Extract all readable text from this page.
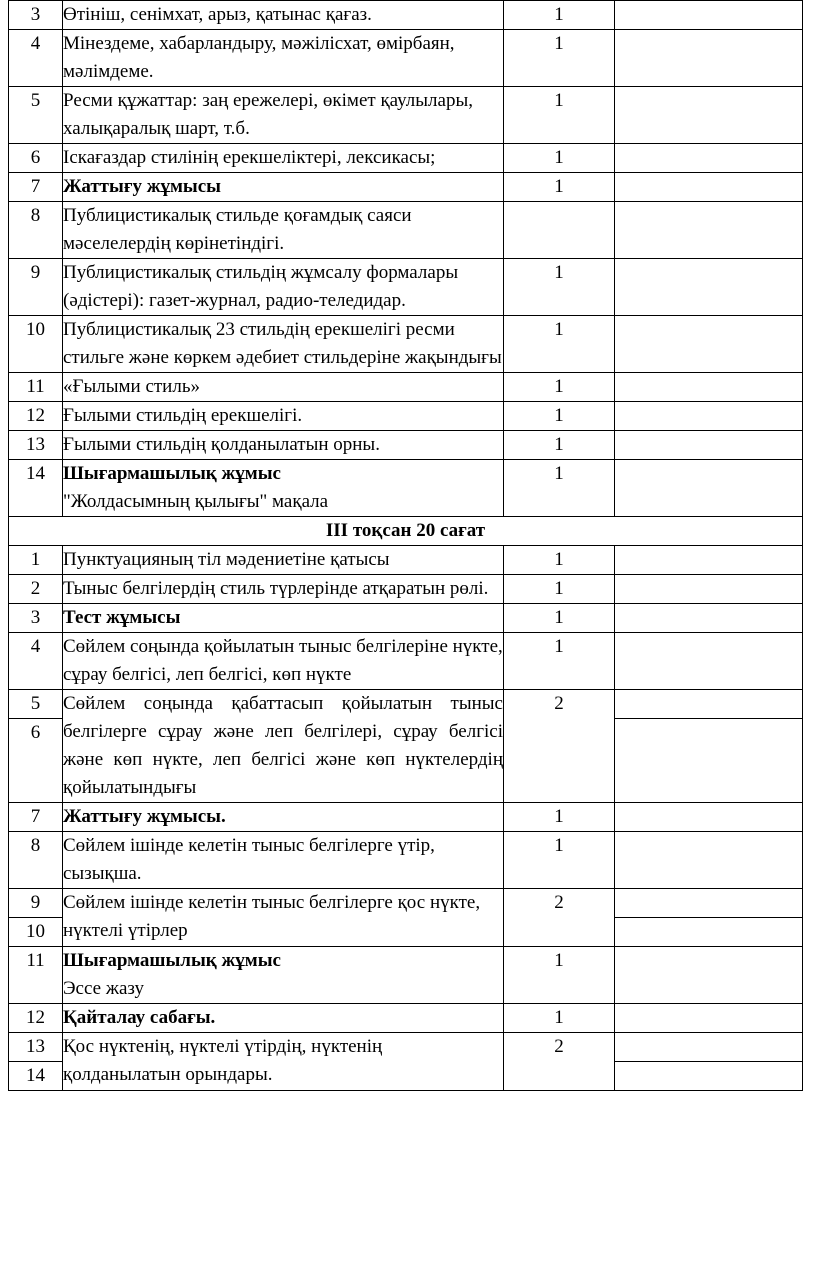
3	Өтініш, сенімхат, арыз, қатынас қағаз.	1	
4	Мінездеме, хабарландыру, мәжілісхат, өмірбаян, мәлімдеме.	1	
5	Ресми құжаттар: заң ережелері, өкімет қаулылары, халықаралық шарт, т.б.	1	
6	Іскағаздар стилінің ерекшеліктері, лексикасы;	1	
7	Жаттығу жұмысы	1	
8	Публицистикалық стильде қоғамдық саяси мәселелердің көрінетіндігі.		
9	Публицистикалық стильдің жұмсалу формалары (әдістері): газет-журнал, радио-теледидар.	1	
10	Публицистикалық 23 стильдің ерекшелігі ресми стильге және көркем әдебиет стильдеріне жақындығы	1	
11	«Ғылыми стиль»	1	
12	Ғылыми стильдің ерекшелігі.	1	
13	Ғылыми стильдің қолданылатын орны.	1	
14	Шығармашылық жұмыс
"Жолдасымның қылығы" мақала	1	
ІІІ тоқсан 20 сағат			
1	Пунктуацияның тіл мәдениетіне қатысы	1	
2	Тыныс белгілердің стиль түрлерінде атқаратын рөлі.	1	
3	Тест жұмысы	1	
4	Сөйлем соңында қойылатын тыныс белгілеріне нүкте, сұрау белгісі, леп белгісі, көп нүкте	1	
5	Сөйлем соңында қабаттасып қойылатын тыныс белгілерге сұрау және леп белгілері, сұрау белгісі және көп нүкте, леп белгісі және көп нүктелердің қойылатындығы	2	
6			
7	Жаттығу жұмысы.	1	
8	Сөйлем ішінде келетін тыныс белгілерге үтір, сызықша.	1	
9	Сөйлем ішінде келетін тыныс белгілерге қос нүкте, нүктелі үтірлер	2	
10			
11	Шығармашылық жұмыс
Эссе жазу	1	
12	Қайталау сабағы.	1	
13	Қос нүктенің, нүктелі үтірдің, нүктенің қолданылатын орындары.	2	
14			
